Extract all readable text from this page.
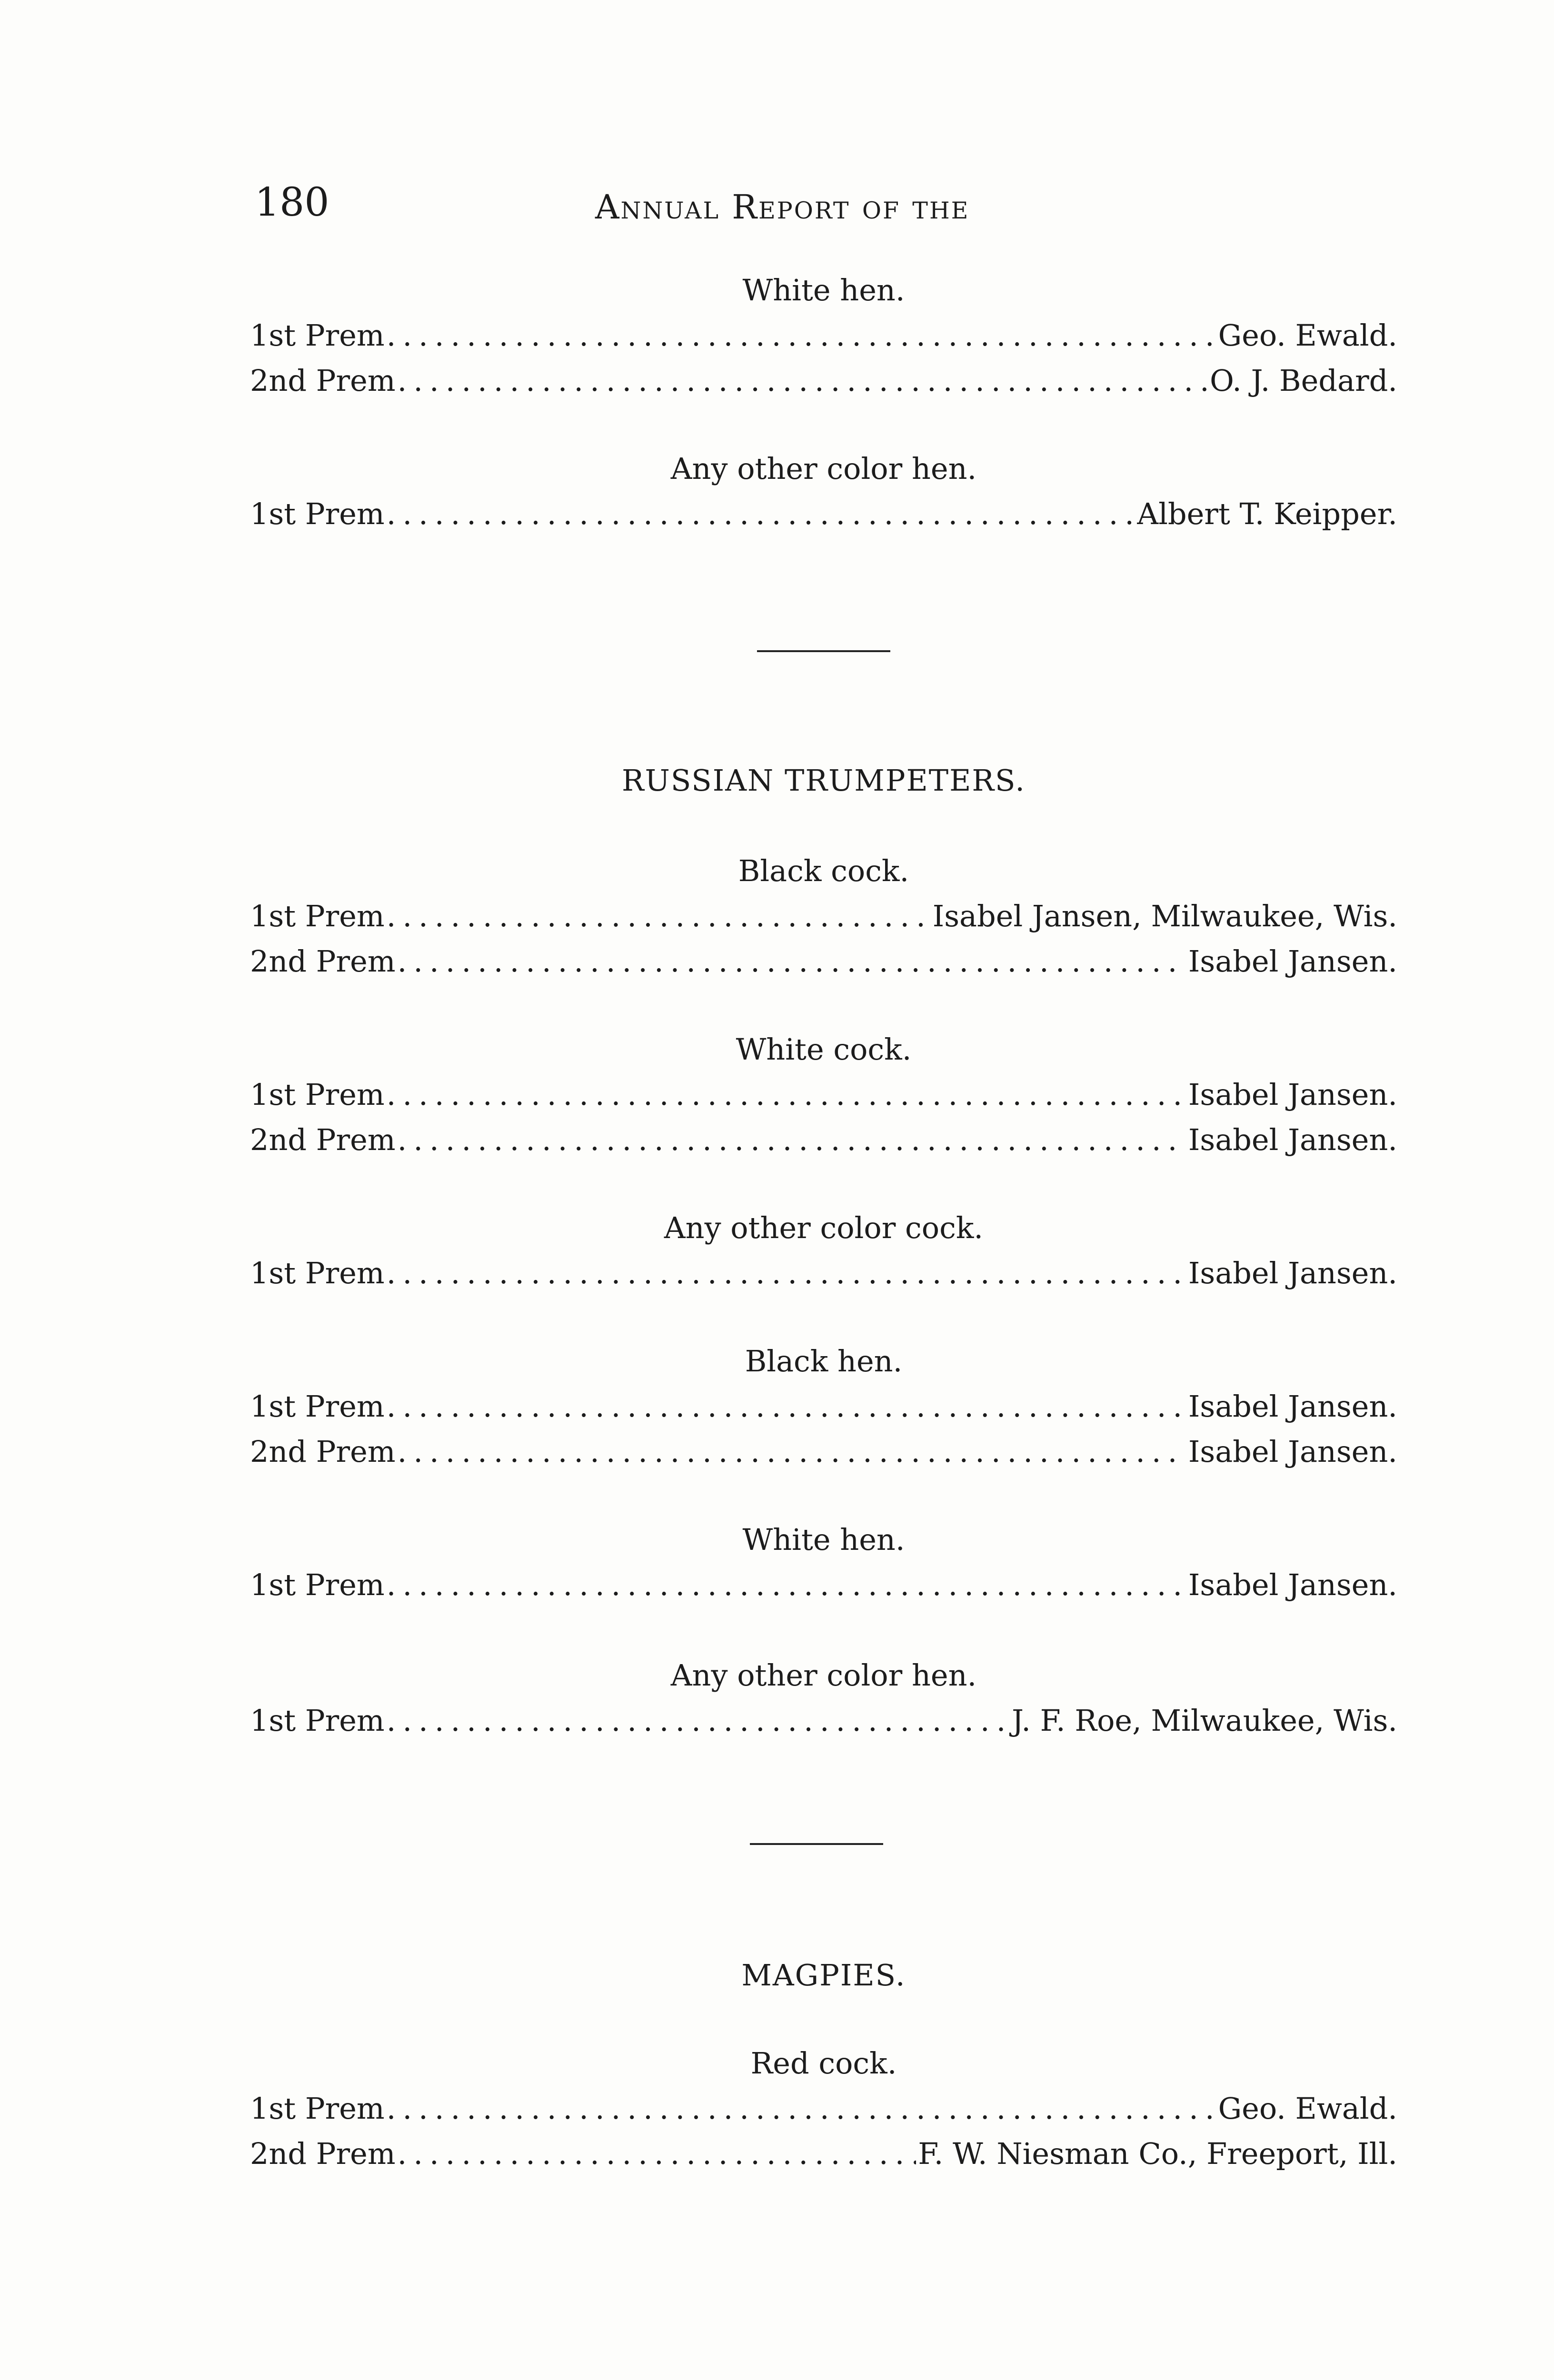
180	Annual Report of the
White hen.
1st Prem .....	Geo. Ewald.
2nd Prem .....	O. J. Bedard.
Any other color hen.
1st Prem .....	Albert T. Keipper.
RUSSIAN TRUMPETERS.
Black cock.
1st Prem .....	Isabel Jansen, Milwaukee, Wis.
2nd Prem .....	Isabel Jansen.
White cock.
1st Prem .....	Isabel Jansen.
2nd Prem .....	Isabel Jansen.
Any other color cock.
1st Prem .....	Isabel Jansen.
Black hen.
1st Prem .....	Isabel Jansen.
2nd Prem .....	Isabel Jansen.
White hen.
1st Prem .....	Isabel Jansen.
Any other color hen.
1st Prem .....	J. F. Roe, Milwaukee, Wis.
MAGPIES.
Red cock.
1st Prem .....	Geo. Ewald.
2nd Prem .....	F. W. Niesman Co., Freeport, Ill.
